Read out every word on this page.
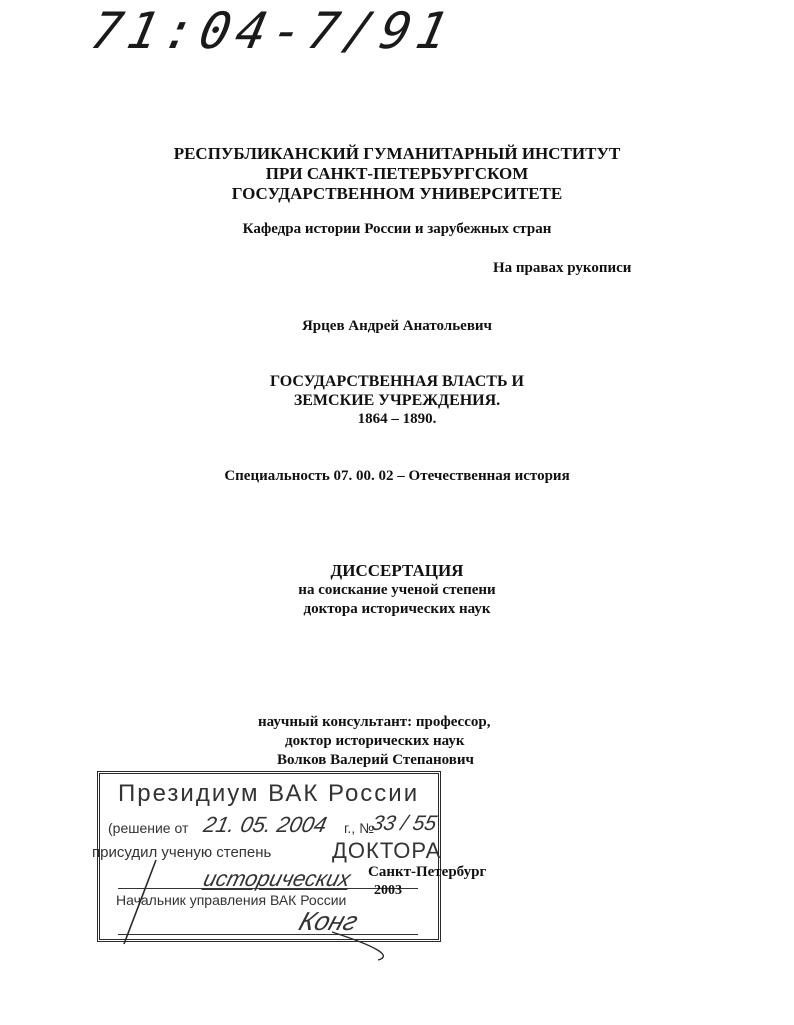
71:04-7/91
РЕСПУБЛИКАНСКИЙ ГУМАНИТАРНЫЙ ИНСТИТУТ
ПРИ САНКТ-ПЕТЕРБУРГСКОМ
ГОСУДАРСТВЕННОМ УНИВЕРСИТЕТЕ
Кафедра истории России и зарубежных стран
На правах рукописи
Ярцев Андрей Анатольевич
ГОСУДАРСТВЕННАЯ ВЛАСТЬ И
ЗЕМСКИЕ УЧРЕЖДЕНИЯ.
1864 – 1890.
Специальность 07. 00. 02 – Отечественная история
ДИССЕРТАЦИЯ
на соискание ученой степени
доктора исторических наук
научный консультант: профессор,
доктор исторических наук
Волков Валерий Степанович
Президиум ВАК России
(решение от 21. 05. 2004 г., №
33 / 55
присудил ученую степень	ДОКТОРА
исторических
Начальник управления ВАК России
Конг
Санкт-Петербург
2003
